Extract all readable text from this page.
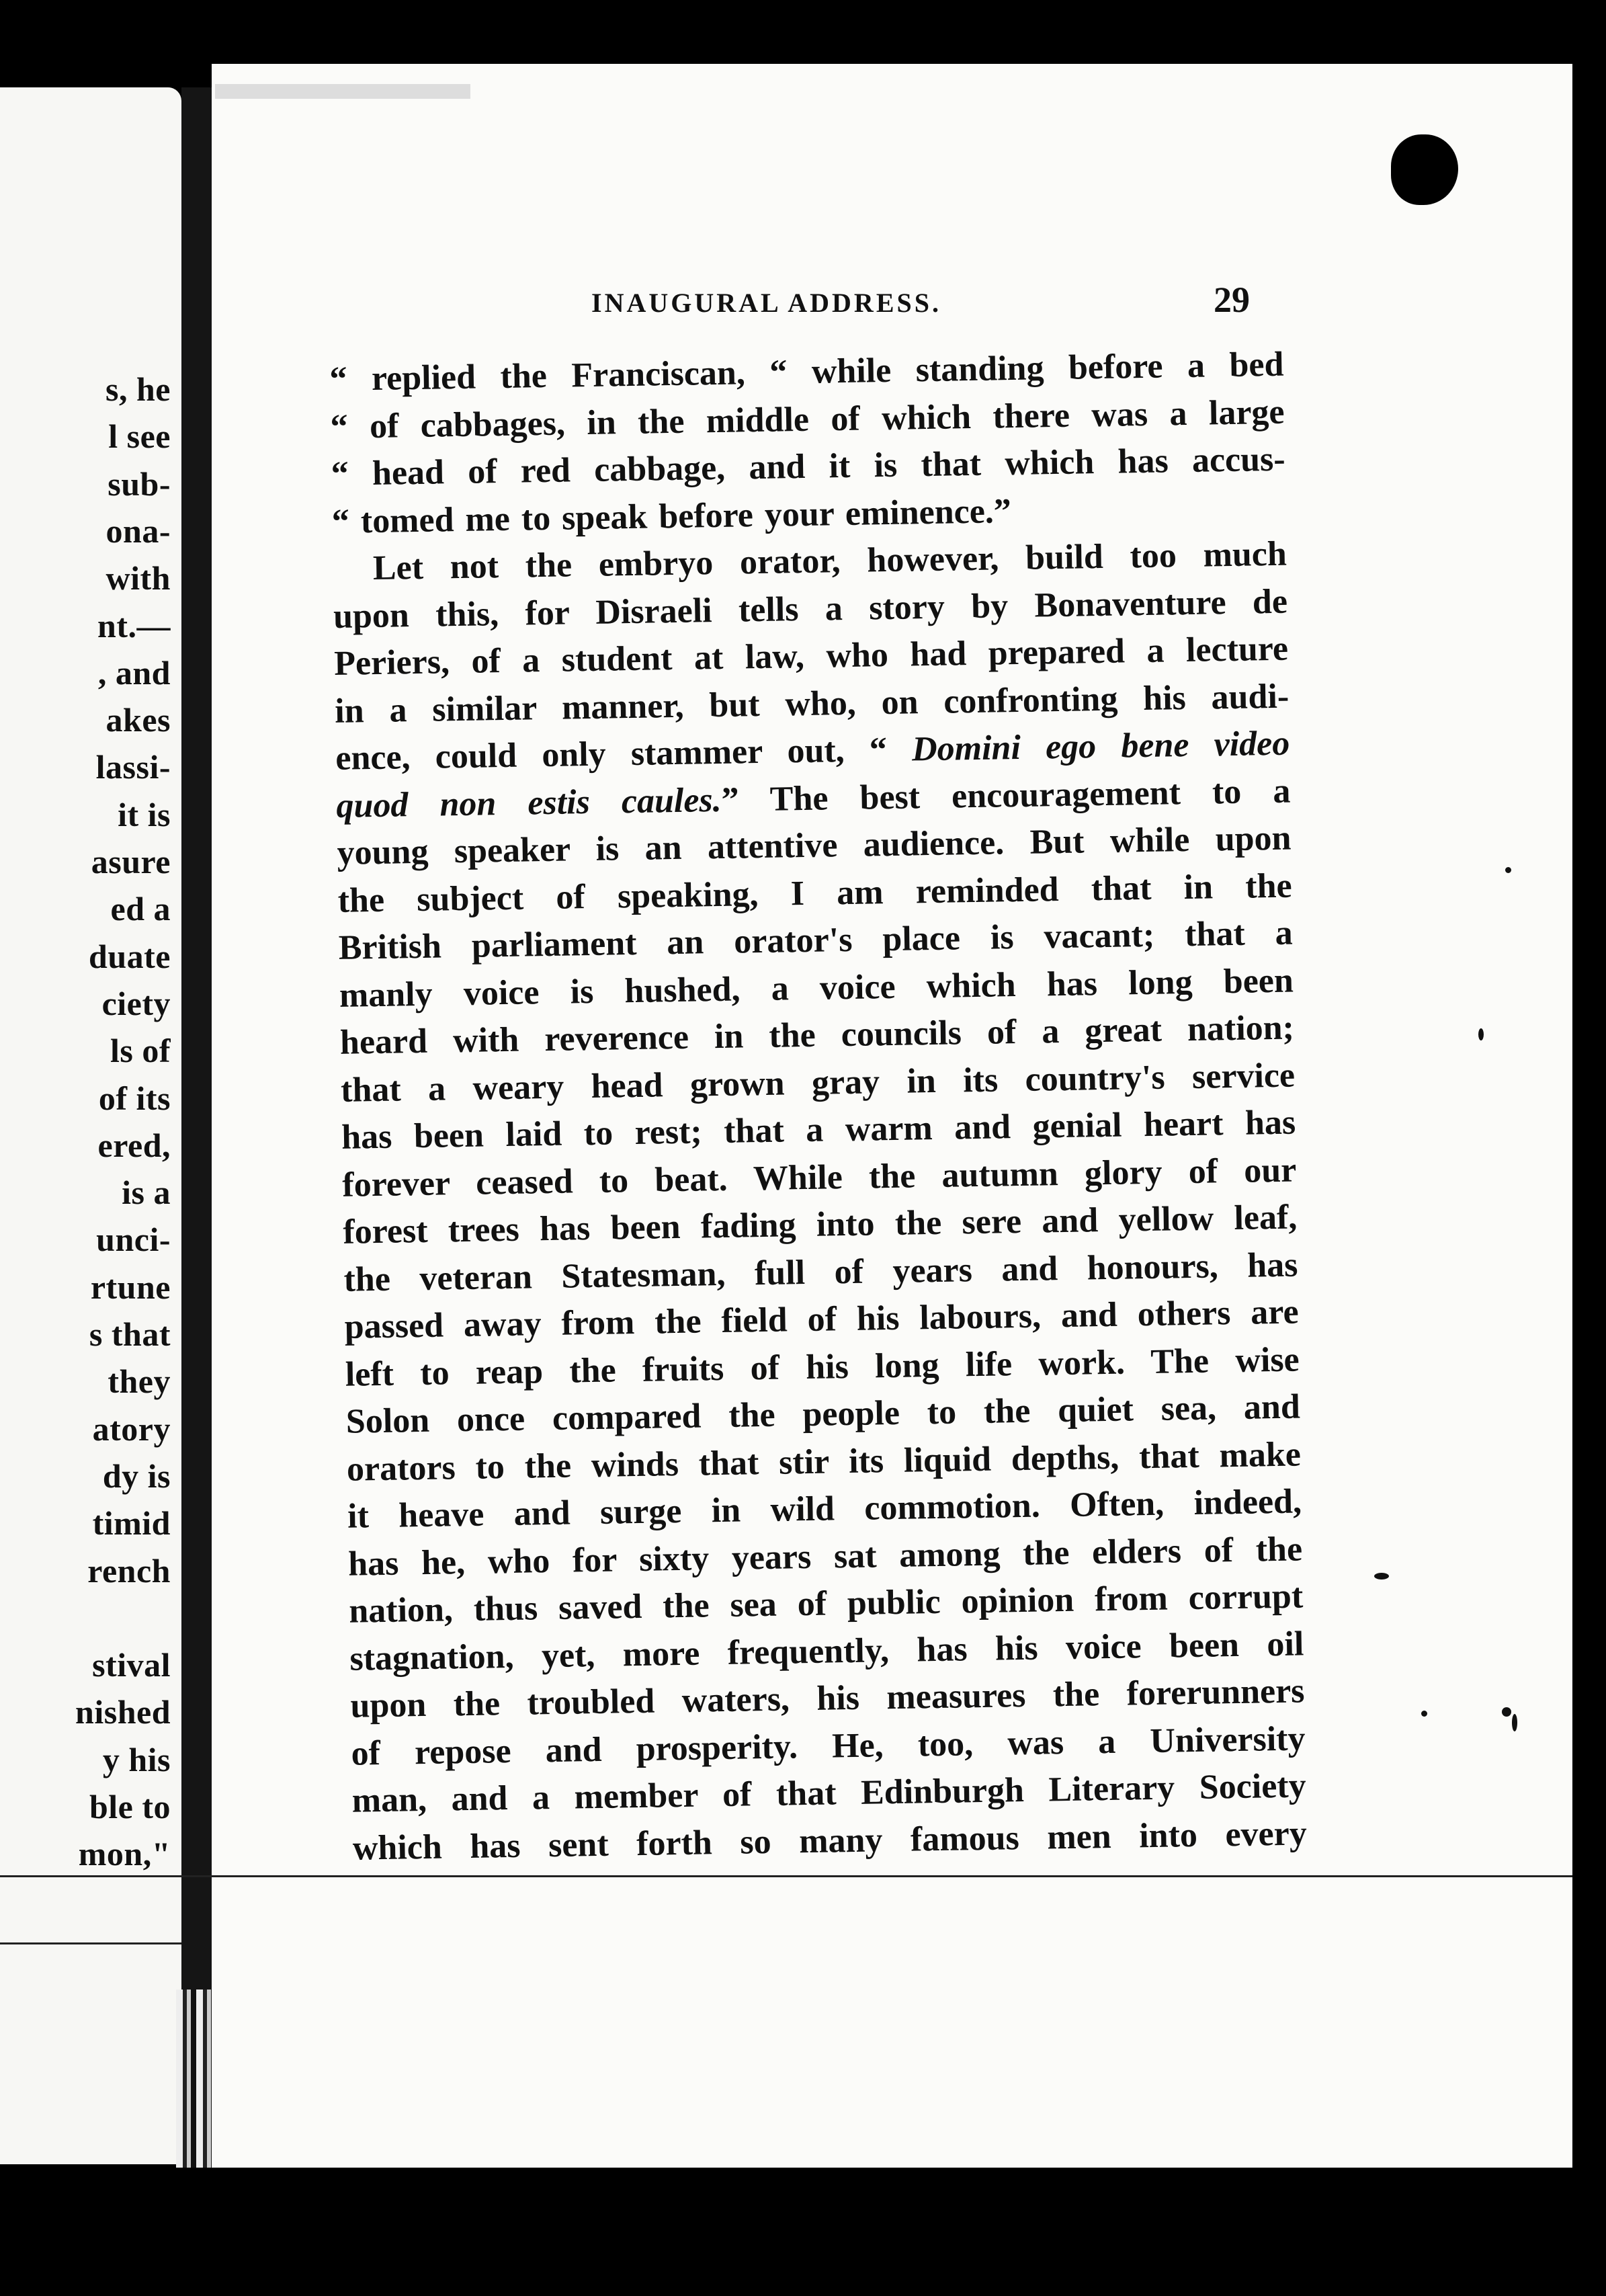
s, he
l see
sub-
ona-
with
nt.—
, and
akes
lassi-
it is
asure
ed a
duate
ciety
ls of
of its
ered,
is a
unci-
rtune
s that
they
atory
dy is
timid
rench
stival
nished
y his
ble to
mon,"
INAUGURAL ADDRESS.	29
“ replied the Franciscan, “ while standing before a bed
“ of cabbages, in the middle of which there was a large
“ head of red cabbage, and it is that which has accus-
“ tomed me to speak before your eminence.”
Let not the embryo orator, however, build too much
upon this, for Disraeli tells a story by Bonaventure de
Periers, of a student at law, who had prepared a lecture
in a similar manner, but who, on confronting his audi-
ence, could only stammer out, “ Domini ego bene video
quod non estis caules.” The best encouragement to a
young speaker is an attentive audience. But while upon
the subject of speaking, I am reminded that in the
British parliament an orator's place is vacant; that a
manly voice is hushed, a voice which has long been
heard with reverence in the councils of a great nation;
that a weary head grown gray in its country's service
has been laid to rest; that a warm and genial heart has
forever ceased to beat. While the autumn glory of our
forest trees has been fading into the sere and yellow leaf,
the veteran Statesman, full of years and honours, has
passed away from the field of his labours, and others are
left to reap the fruits of his long life work. The wise
Solon once compared the people to the quiet sea, and
orators to the winds that stir its liquid depths, that make
it heave and surge in wild commotion. Often, indeed,
has he, who for sixty years sat among the elders of the
nation, thus saved the sea of public opinion from corrupt
stagnation, yet, more frequently, has his voice been oil
upon the troubled waters, his measures the forerunners
of repose and prosperity. He, too, was a University
man, and a member of that Edinburgh Literary Society
which has sent forth so many famous men into every
